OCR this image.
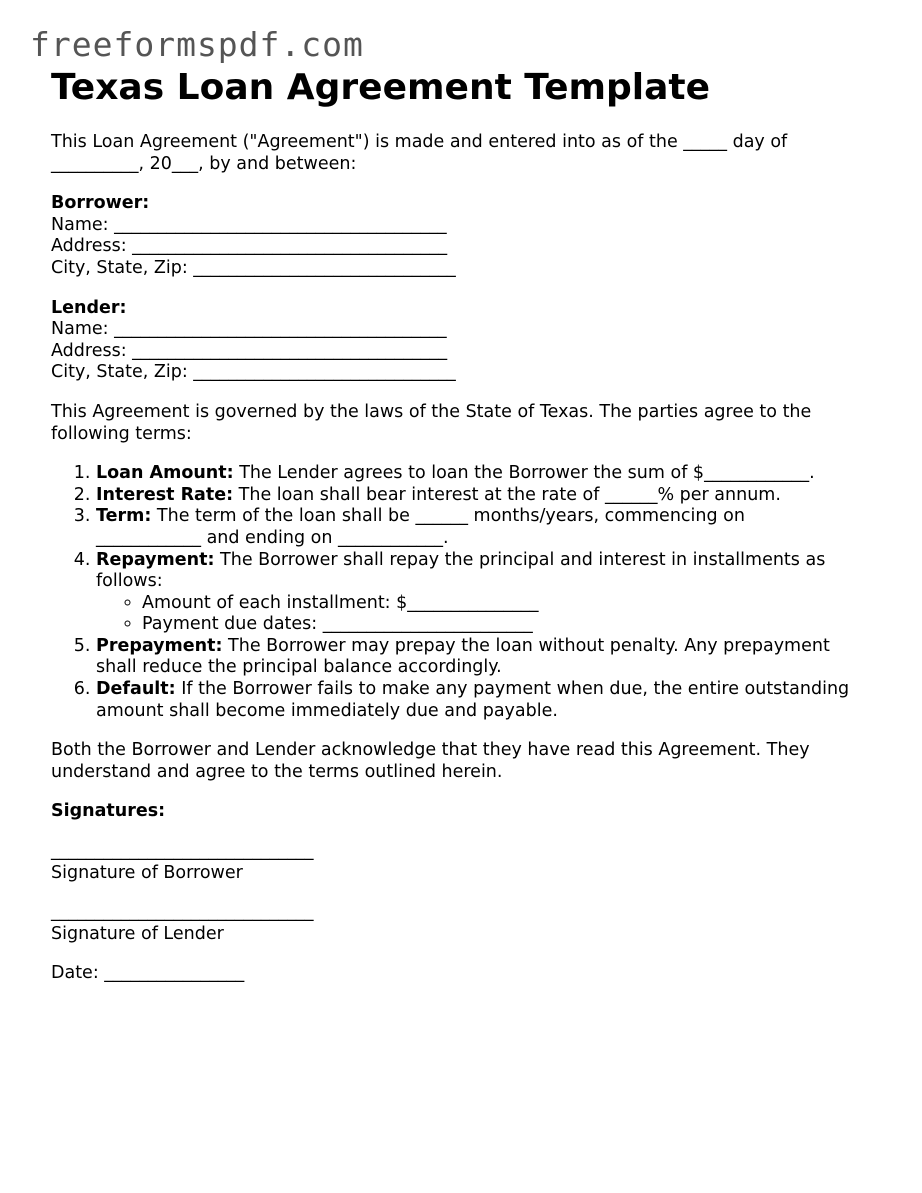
freeformspdf.com
Texas Loan Agreement Template
This Loan Agreement ("Agreement") is made and entered into as of the _____ day of
__________, 20___, by and between:
Borrower:
Name: ______________________________________
Address: ____________________________________
City, State, Zip: ______________________________
Lender:
Name: ______________________________________
Address: ____________________________________
City, State, Zip: ______________________________
This Agreement is governed by the laws of the State of Texas. The parties agree to the
following terms:
1. Loan Amount: The Lender agrees to loan the Borrower the sum of $____________.
2. Interest Rate: The loan shall bear interest at the rate of ______% per annum.
3. Term: The term of the loan shall be ______ months/years, commencing on
____________ and ending on ____________.
4. Repayment: The Borrower shall repay the principal and interest in installments as
follows:
◦ Amount of each installment: $_______________
◦ Payment due dates: ________________________
5. Prepayment: The Borrower may prepay the loan without penalty. Any prepayment
shall reduce the principal balance accordingly.
6. Default: If the Borrower fails to make any payment when due, the entire outstanding
amount shall become immediately due and payable.
Both the Borrower and Lender acknowledge that they have read this Agreement. They
understand and agree to the terms outlined herein.
Signatures:
______________________________
Signature of Borrower
______________________________
Signature of Lender
Date: ________________
